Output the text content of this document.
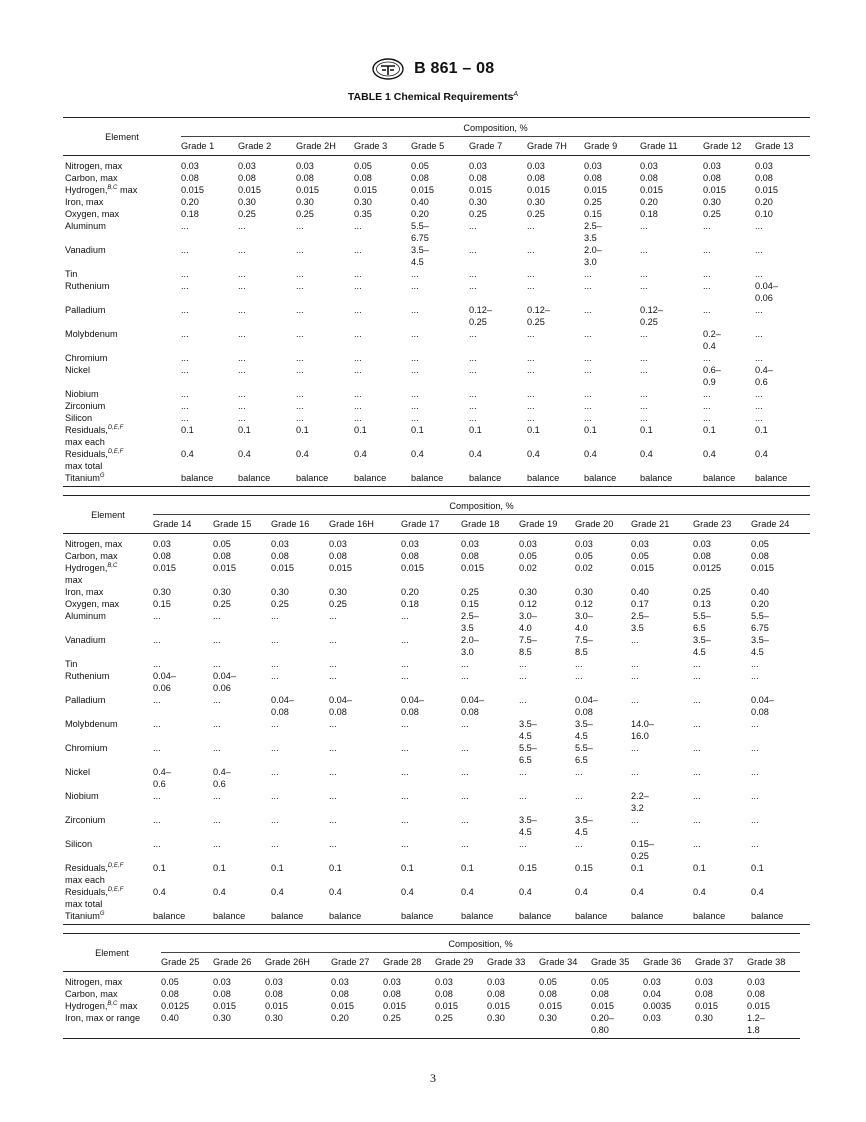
B 861 – 08
TABLE 1 Chemical Requirements$^A$
Element	Composition, %										
	Grade 1	Grade 2	Grade 2H	Grade 3	Grade 5	Grade 7	Grade 7H	Grade 9	Grade 11	Grade 12	Grade 13
Nitrogen, max	0.03	0.03	0.03	0.05	0.05	0.03	0.03	0.03	0.03	0.03	0.03
Carbon, max	0.08	0.08	0.08	0.08	0.08	0.08	0.08	0.08	0.08	0.08	0.08
Hydrogen,$^{B,C}$ max	0.015	0.015	0.015	0.015	0.015	0.015	0.015	0.015	0.015	0.015	0.015
Iron, max	0.20	0.30	0.30	0.30	0.40	0.30	0.30	0.25	0.20	0.30	0.20
Oxygen, max	0.18	0.25	0.25	0.35	0.20	0.25	0.25	0.15	0.18	0.25	0.10
Aluminum	...	...	...	...	5.5–
6.75	...	...	2.5–
3.5	...	...	...
Vanadium	...	...	...	...	3.5–
4.5	...	...	2.0–
3.0	...	...	...
Tin	...	...	...	...	...	...	...	...	...	...	...
Ruthenium	...	...	...	...	...	...	...	...	...	...	0.04–
0.06
Palladium	...	...	...	...	...	0.12–
0.25	0.12–
0.25	...	0.12–
0.25	...	...
Molybdenum	...	...	...	...	...	...	...	...	...	0.2–
0.4	...
Chromium	...	...	...	...	...	...	...	...	...	...	...
Nickel	...	...	...	...	...	...	...	...	...	0.6–
0.9	0.4–
0.6
Niobium	...	...	...	...	...	...	...	...	...	...	...
Zirconium	...	...	...	...	...	...	...	...	...	...	...
Silicon	...	...	...	...	...	...	...	...	...	...	...
Residuals,$^{D,E,F}$
max each	0.1	0.1	0.1	0.1	0.1	0.1	0.1	0.1	0.1	0.1	0.1
Residuals,$^{D,E,F}$
max total	0.4	0.4	0.4	0.4	0.4	0.4	0.4	0.4	0.4	0.4	0.4
Titanium$^G$	balance	balance	balance	balance	balance	balance	balance	balance	balance	balance	balance
Element	Composition, %										
	Grade 14	Grade 15	Grade 16	Grade 16H	Grade 17	Grade 18	Grade 19	Grade 20	Grade 21	Grade 23	Grade 24
Nitrogen, max	0.03	0.05	0.03	0.03	0.03	0.03	0.03	0.03	0.03	0.03	0.05
Carbon, max	0.08	0.08	0.08	0.08	0.08	0.08	0.05	0.05	0.05	0.08	0.08
Hydrogen,$^{B,C}$
max	0.015	0.015	0.015	0.015	0.015	0.015	0.02	0.02	0.015	0.0125	0.015
Iron, max	0.30	0.30	0.30	0.30	0.20	0.25	0.30	0.30	0.40	0.25	0.40
Oxygen, max	0.15	0.25	0.25	0.25	0.18	0.15	0.12	0.12	0.17	0.13	0.20
Aluminum	...	...	...	...	...	2.5–
3.5	3.0–
4.0	3.0–
4.0	2.5–
3.5	5.5–
6.5	5.5–
6.75
Vanadium	...	...	...	...	...	2.0–
3.0	7.5–
8.5	7.5–
8.5	...	3.5–
4.5	3.5–
4.5
Tin	...	...	...	...	...	...	...	...	...	...	...
Ruthenium	0.04–
0.06	0.04–
0.06	...	...	...	...	...	...	...	...	...
Palladium	...	...	0.04–
0.08	0.04–
0.08	0.04–
0.08	0.04–
0.08	...	0.04–
0.08	...	...	0.04–
0.08
Molybdenum	...	...	...	...	...	...	3.5–
4.5	3.5–
4.5	14.0–
16.0	...	...
Chromium	...	...	...	...	...	...	5.5–
6.5	5.5–
6.5	...	...	...
Nickel	0.4–
0.6	0.4–
0.6	...	...	...	...	...	...	...	...	...
Niobium	...	...	...	...	...	...	...	...	2.2–
3.2	...	...
Zirconium	...	...	...	...	...	...	3.5–
4.5	3.5–
4.5	...	...	...
Silicon	...	...	...	...	...	...	...	...	0.15–
0.25	...	...
Residuals,$^{D,E,F}$
max each	0.1	0.1	0.1	0.1	0.1	0.1	0.15	0.15	0.1	0.1	0.1
Residuals,$^{D,E,F}$
max total	0.4	0.4	0.4	0.4	0.4	0.4	0.4	0.4	0.4	0.4	0.4
Titanium$^G$	balance	balance	balance	balance	balance	balance	balance	balance	balance	balance	balance
Element	Composition, %											
	Grade 25	Grade 26	Grade 26H	Grade 27	Grade 28	Grade 29	Grade 33	Grade 34	Grade 35	Grade 36	Grade 37	Grade 38
Nitrogen, max	0.05	0.03	0.03	0.03	0.03	0.03	0.03	0.05	0.05	0.03	0.03	0.03
Carbon, max	0.08	0.08	0.08	0.08	0.08	0.08	0.08	0.08	0.08	0.04	0.08	0.08
Hydrogen,$^{B,C}$ max	0.0125	0.015	0.015	0.015	0.015	0.015	0.015	0.015	0.015	0.0035	0.015	0.015
Iron, max or range	0.40	0.30	0.30	0.20	0.25	0.25	0.30	0.30	0.20–
0.80	0.03	0.30	1.2–
1.8
3
